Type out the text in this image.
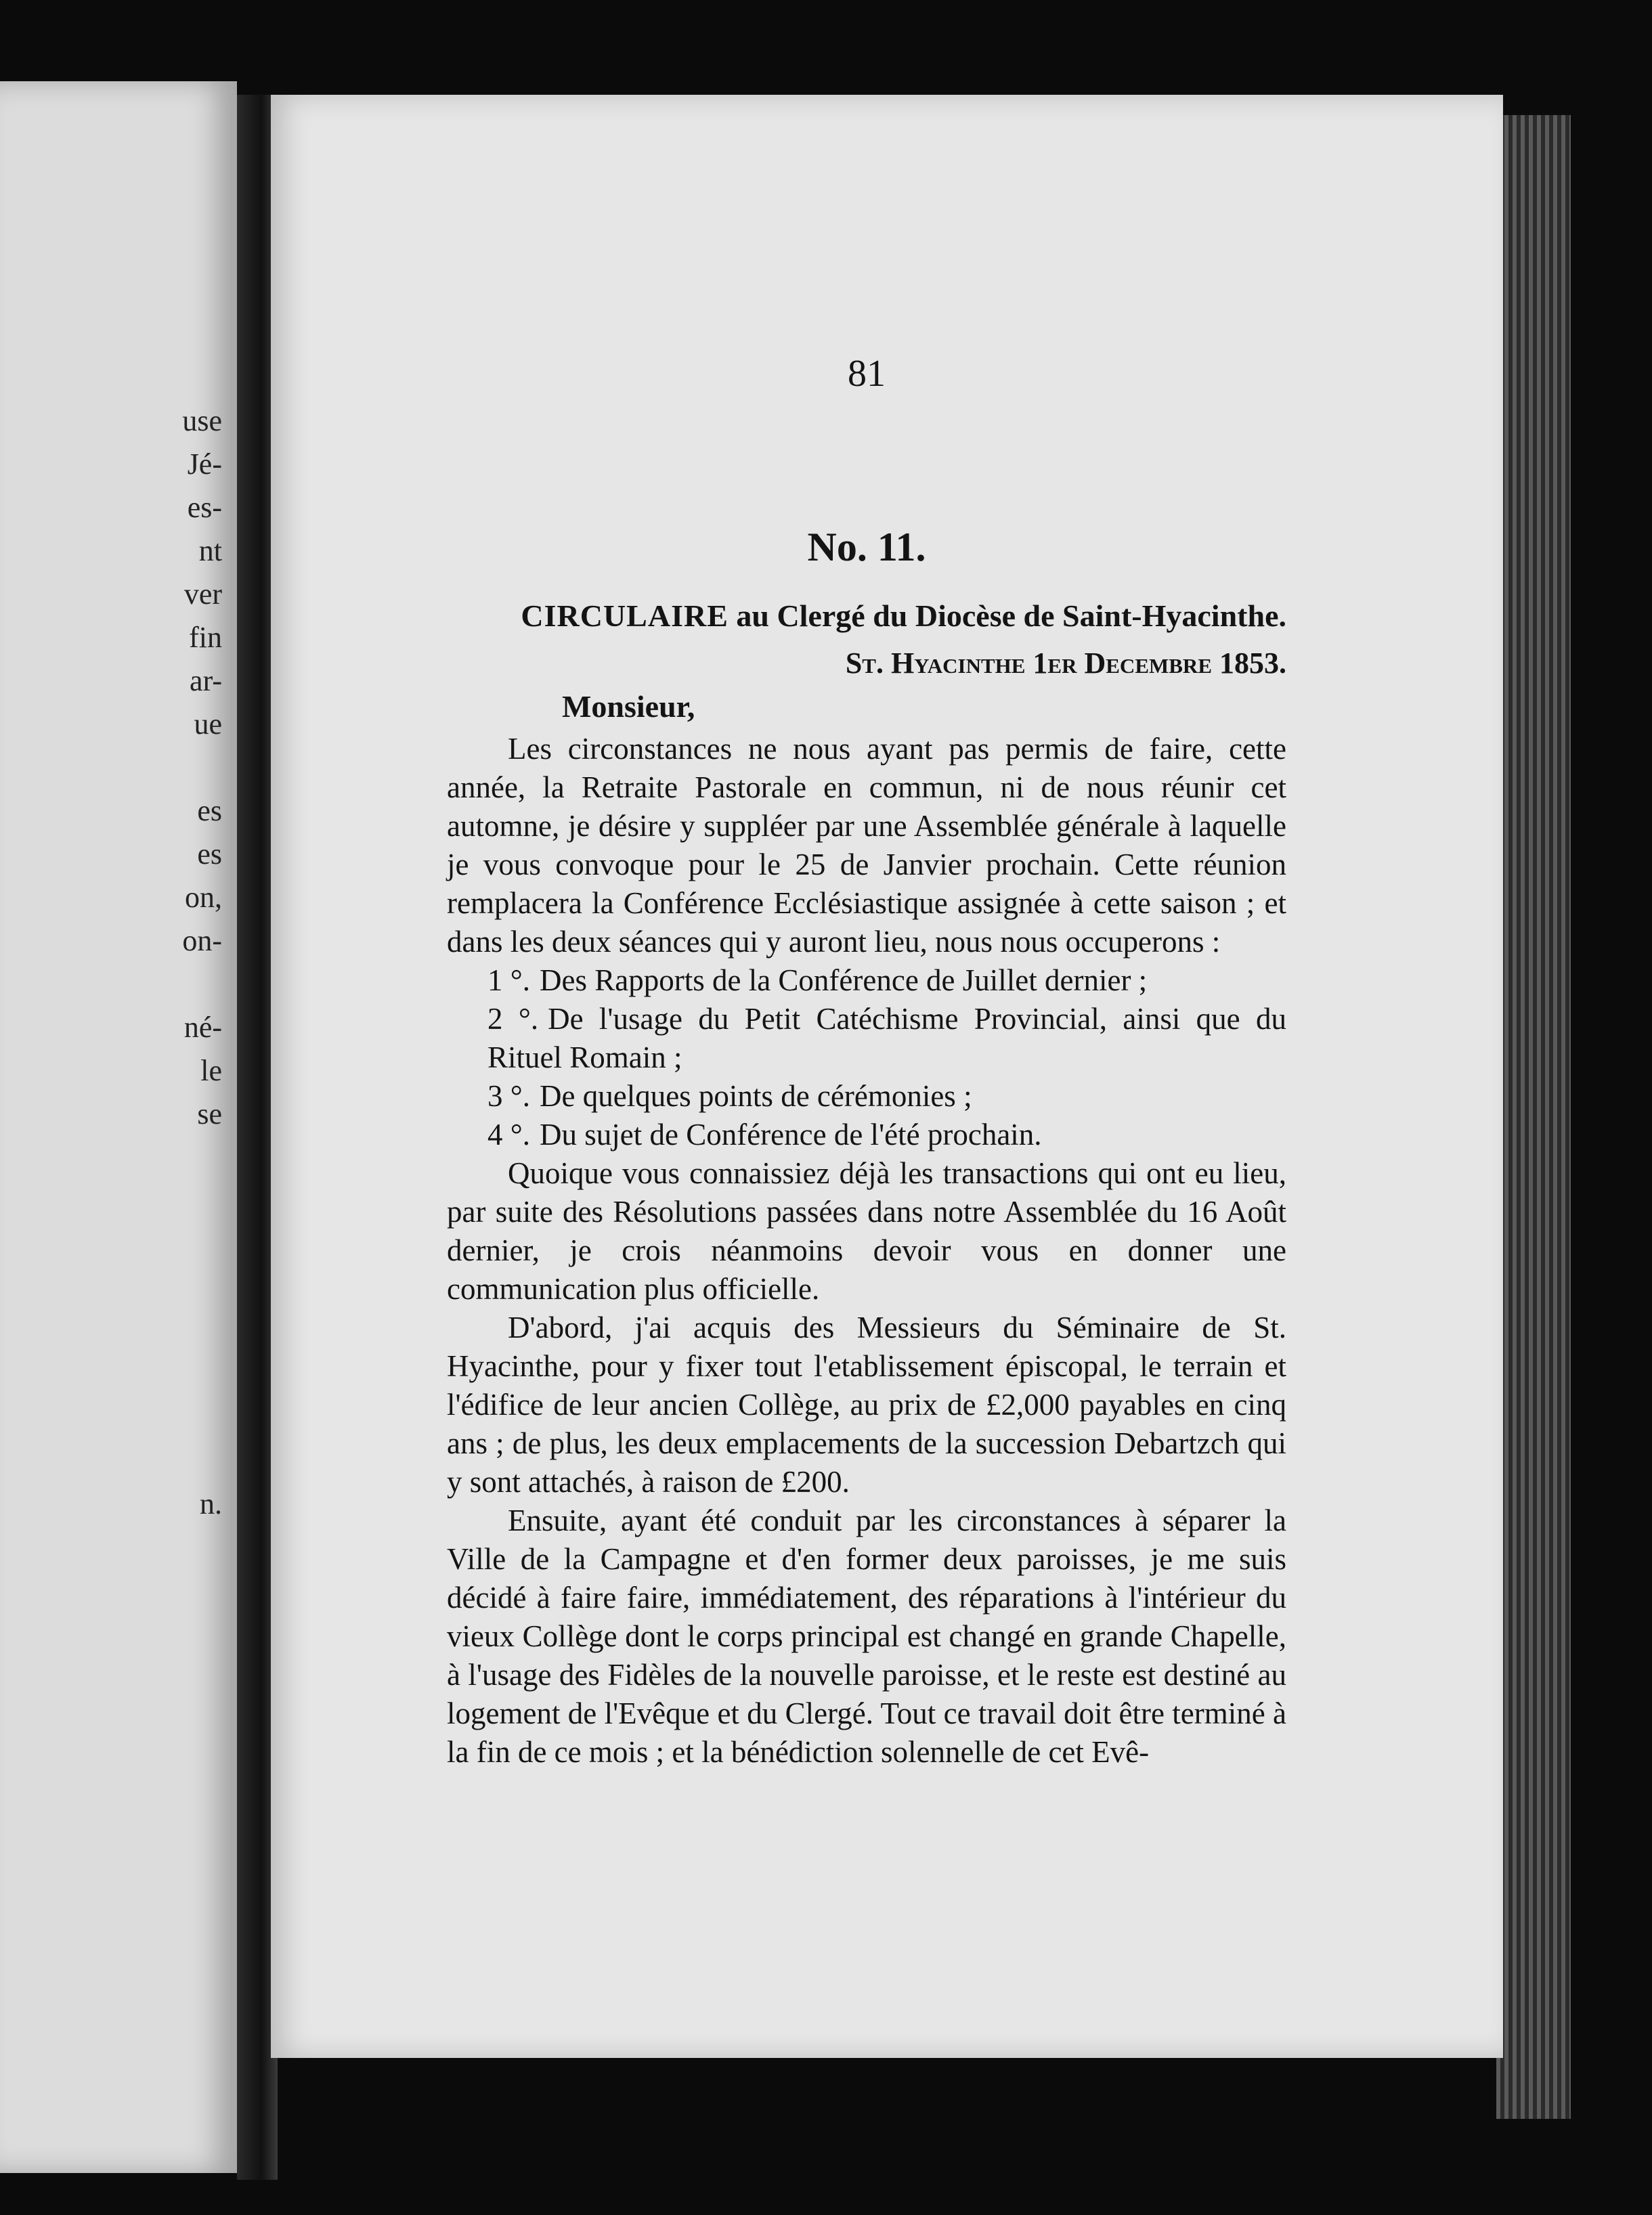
use
Jé-
es-
nt
ver
fin
ar-
ue
es
es
on,
on-
né-
le
se
n.
81
No. 11.
CIRCULAIRE au Clergé du Diocèse de Saint-Hyacinthe.
St. Hyacinthe 1er Decembre 1853.
Monsieur,

Les circonstances ne nous ayant pas permis de faire, cette année, la Retraite Pastorale en commun, ni de nous réunir cet automne, je désire y suppléer par une Assemblée générale à laquelle je vous convoque pour le 25 de Janvier prochain. Cette réunion remplacera la Conférence Ecclésiastique assignée à cette saison ; et dans les deux séances qui y auront lieu, nous nous occuperons :

1 °. Des Rapports de la Conférence de Juillet dernier ;
2 °. De l'usage du Petit Catéchisme Provincial, ainsi que du Rituel Romain ;
3 °. De quelques points de cérémonies ;
4 °. Du sujet de Conférence de l'été prochain.

Quoique vous connaissiez déjà les transactions qui ont eu lieu, par suite des Résolutions passées dans notre Assemblée du 16 Août dernier, je crois néanmoins devoir vous en donner une communication plus officielle.

D'abord, j'ai acquis des Messieurs du Séminaire de St. Hyacinthe, pour y fixer tout l'etablissement épiscopal, le terrain et l'édifice de leur ancien Collège, au prix de £2,000 payables en cinq ans ; de plus, les deux emplacements de la succession Debartzch qui y sont attachés, à raison de £200.

Ensuite, ayant été conduit par les circonstances à séparer la Ville de la Campagne et d'en former deux paroisses, je me suis décidé à faire faire, immédiatement, des réparations à l'intérieur du vieux Collège dont le corps principal est changé en grande Chapelle, à l'usage des Fidèles de la nouvelle paroisse, et le reste est destiné au logement de l'Evêque et du Clergé. Tout ce travail doit être terminé à la fin de ce mois ; et la bénédiction solennelle de cet Evê-
